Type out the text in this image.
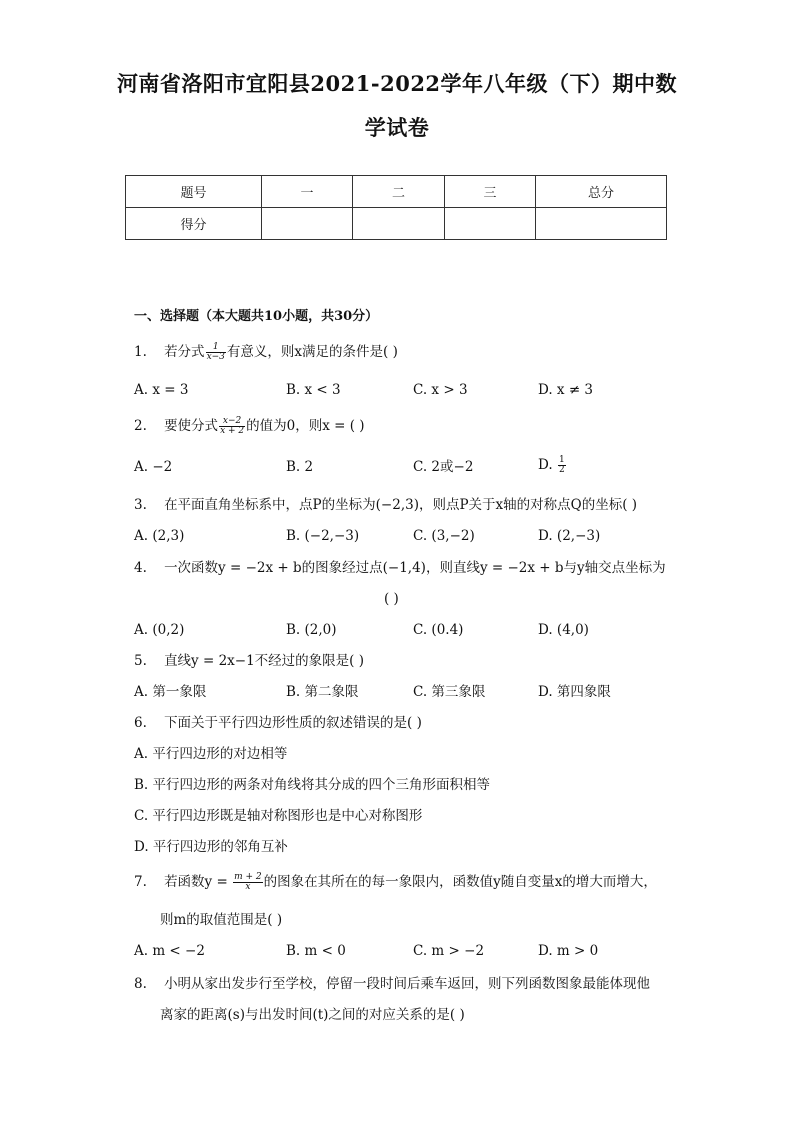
河南省洛阳市宜阳县2021-2022学年八年级（下）期中数
学试卷
题号	一	二	三	总分
得分				
一、选择题（本大题共10小题，共30分）
1. 若分式 $\frac{1}{x-3}$ 有意义，则x满足的条件是( )
A. x = 3	B. x < 3	C. x > 3	D. x ≠ 3
2. 要使分式 $\frac{x-2}{x + 2}$ 的值为0，则x = ( )
A. −2	B. 2	C. 2或−2	D. $\frac{1}{2}$
3. 在平面直角坐标系中，点P的坐标为(−2,3)，则点P关于x轴的对称点Q的坐标( )
A. (2,3)	B. (−2,−3)	C. (3,−2)	D. (2,−3)
4. 一次函数y = −2x + b的图象经过点(−1,4)，则直线y = −2x + b与y轴交点坐标为
( )
A. (0,2)	B. (2,0)	C. (0.4)	D. (4,0)
5. 直线y = 2x−1不经过的象限是( )
A. 第一象限	B. 第二象限	C. 第三象限	D. 第四象限
6. 下面关于平行四边形性质的叙述错误的是( )
A. 平行四边形的对边相等
B. 平行四边形的两条对角线将其分成的四个三角形面积相等
C. 平行四边形既是轴对称图形也是中心对称图形
D. 平行四边形的邻角互补
7. 若函数$y = \frac{m + 2}{x}$ 的图象在其所在的每一象限内，函数值y随自变量x的增大而增大，
则m的取值范围是( )
A. m < −2	B. m < 0	C. m > −2	D. m > 0
8. 小明从家出发步行至学校，停留一段时间后乘车返回，则下列函数图象最能体现他
离家的距离(s)与出发时间(t)之间的对应关系的是( )
